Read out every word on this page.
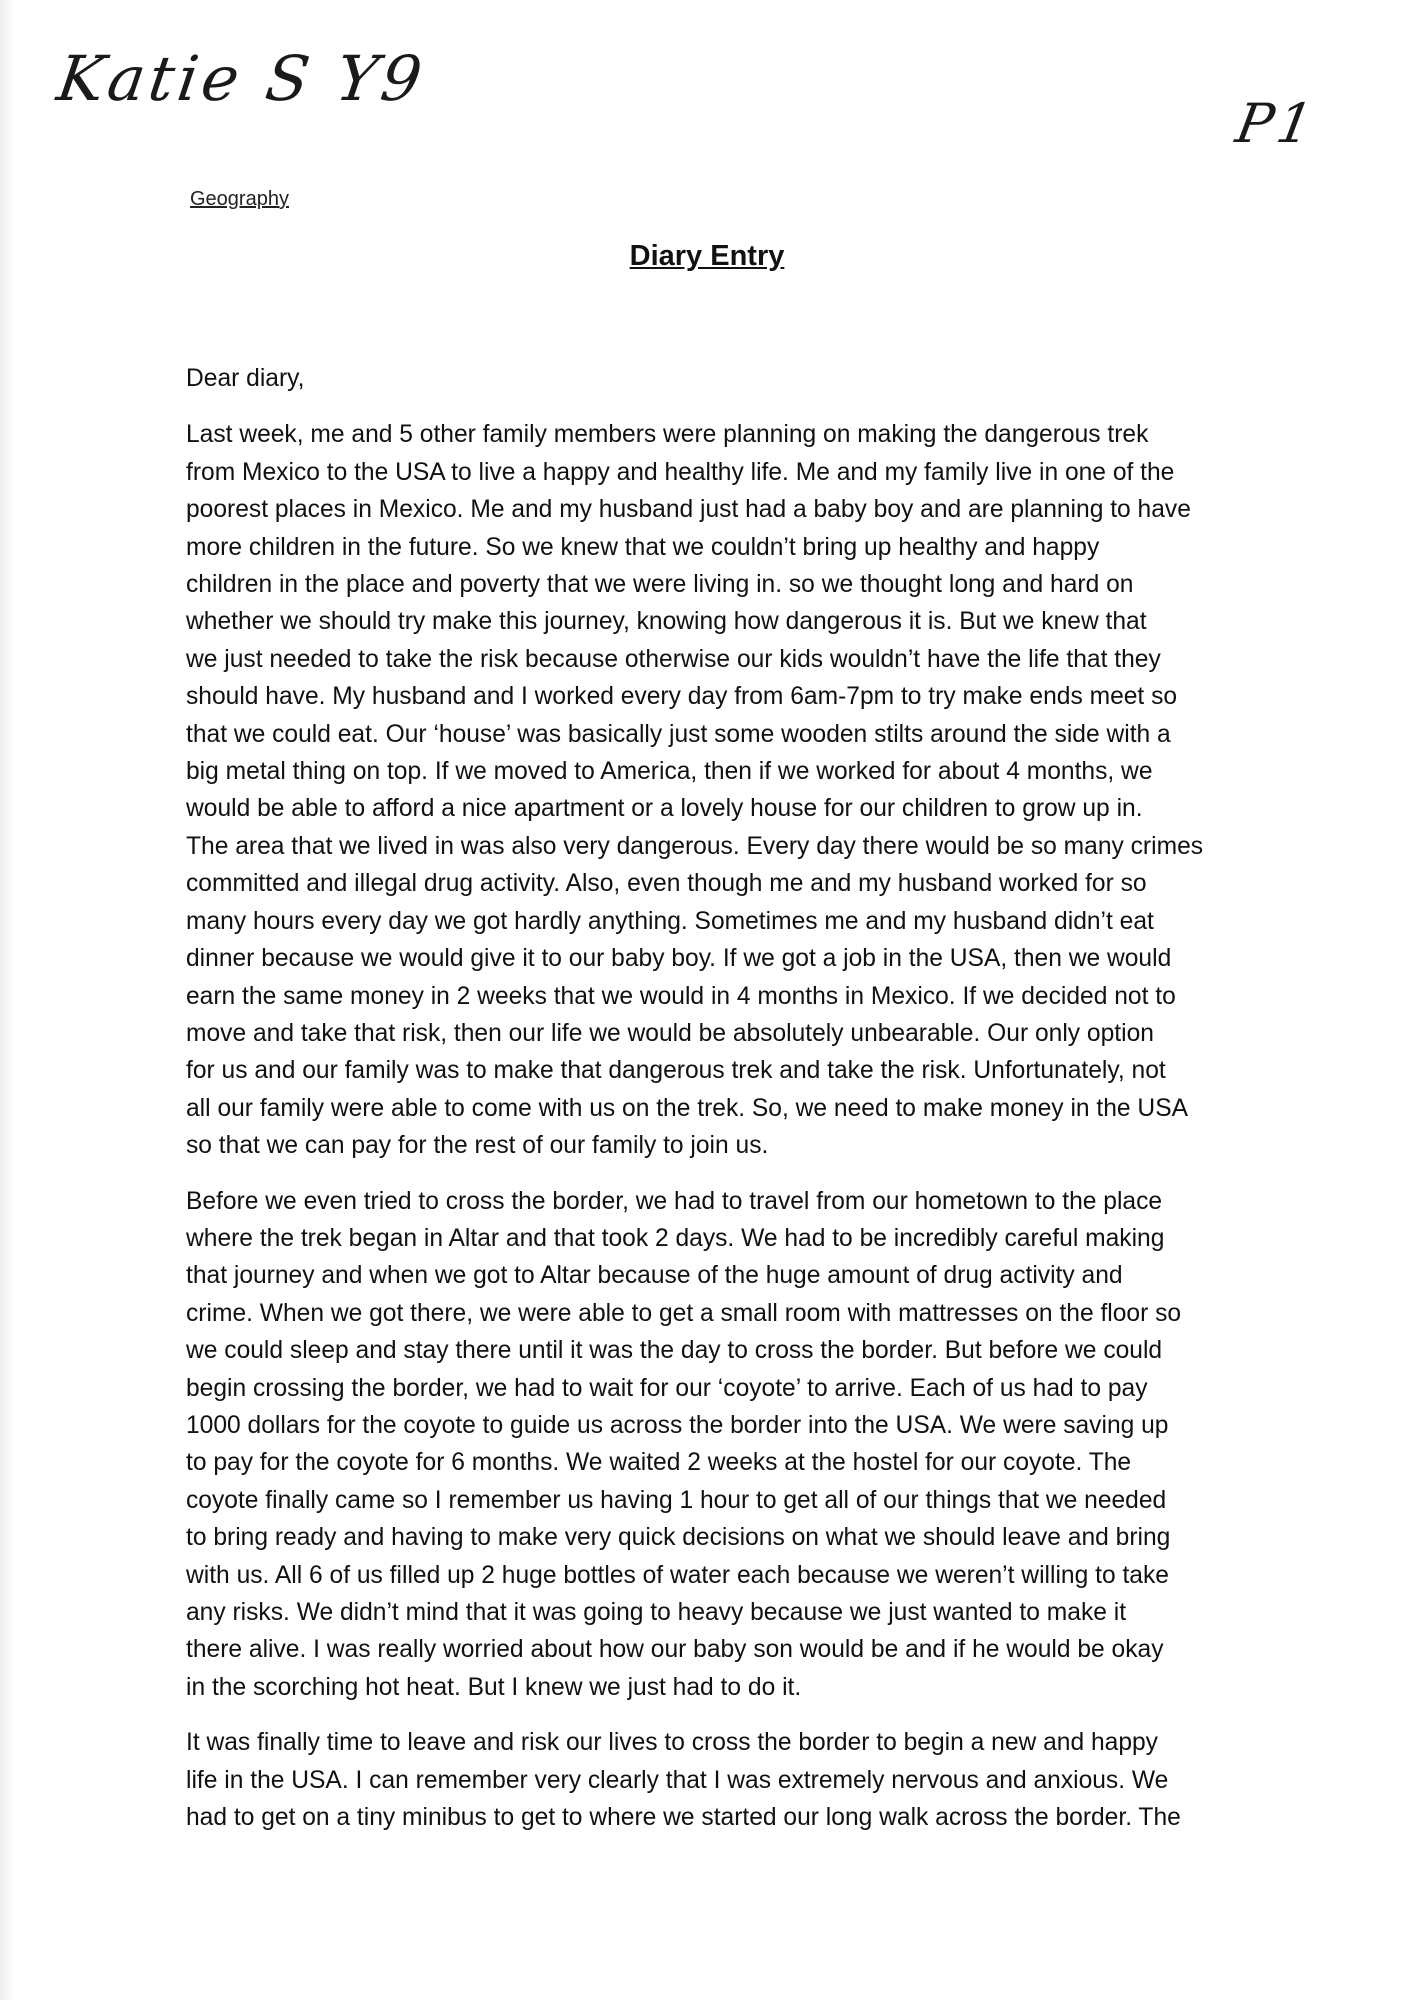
Katie S Y9
P1
Geography
Diary Entry
Dear diary,
Last week, me and 5 other family members were planning on making the dangerous trek
from Mexico to the USA to live a happy and healthy life. Me and my family live in one of the
poorest places in Mexico. Me and my husband just had a baby boy and are planning to have
more children in the future. So we knew that we couldn’t bring up healthy and happy
children in the place and poverty that we were living in. so we thought long and hard on
whether we should try make this journey, knowing how dangerous it is. But we knew that
we just needed to take the risk because otherwise our kids wouldn’t have the life that they
should have. My husband and I worked every day from 6am-7pm to try make ends meet so
that we could eat. Our ‘house’ was basically just some wooden stilts around the side with a
big metal thing on top. If we moved to America, then if we worked for about 4 months, we
would be able to afford a nice apartment or a lovely house for our children to grow up in.
The area that we lived in was also very dangerous. Every day there would be so many crimes
committed and illegal drug activity. Also, even though me and my husband worked for so
many hours every day we got hardly anything. Sometimes me and my husband didn’t eat
dinner because we would give it to our baby boy. If we got a job in the USA, then we would
earn the same money in 2 weeks that we would in 4 months in Mexico. If we decided not to
move and take that risk, then our life we would be absolutely unbearable. Our only option
for us and our family was to make that dangerous trek and take the risk. Unfortunately, not
all our family were able to come with us on the trek. So, we need to make money in the USA
so that we can pay for the rest of our family to join us.
Before we even tried to cross the border, we had to travel from our hometown to the place
where the trek began in Altar and that took 2 days. We had to be incredibly careful making
that journey and when we got to Altar because of the huge amount of drug activity and
crime. When we got there, we were able to get a small room with mattresses on the floor so
we could sleep and stay there until it was the day to cross the border. But before we could
begin crossing the border, we had to wait for our ‘coyote’ to arrive. Each of us had to pay
1000 dollars for the coyote to guide us across the border into the USA. We were saving up
to pay for the coyote for 6 months. We waited 2 weeks at the hostel for our coyote. The
coyote finally came so I remember us having 1 hour to get all of our things that we needed
to bring ready and having to make very quick decisions on what we should leave and bring
with us. All 6 of us filled up 2 huge bottles of water each because we weren’t willing to take
any risks. We didn’t mind that it was going to heavy because we just wanted to make it
there alive. I was really worried about how our baby son would be and if he would be okay
in the scorching hot heat. But I knew we just had to do it.
It was finally time to leave and risk our lives to cross the border to begin a new and happy
life in the USA. I can remember very clearly that I was extremely nervous and anxious. We
had to get on a tiny minibus to get to where we started our long walk across the border. The
